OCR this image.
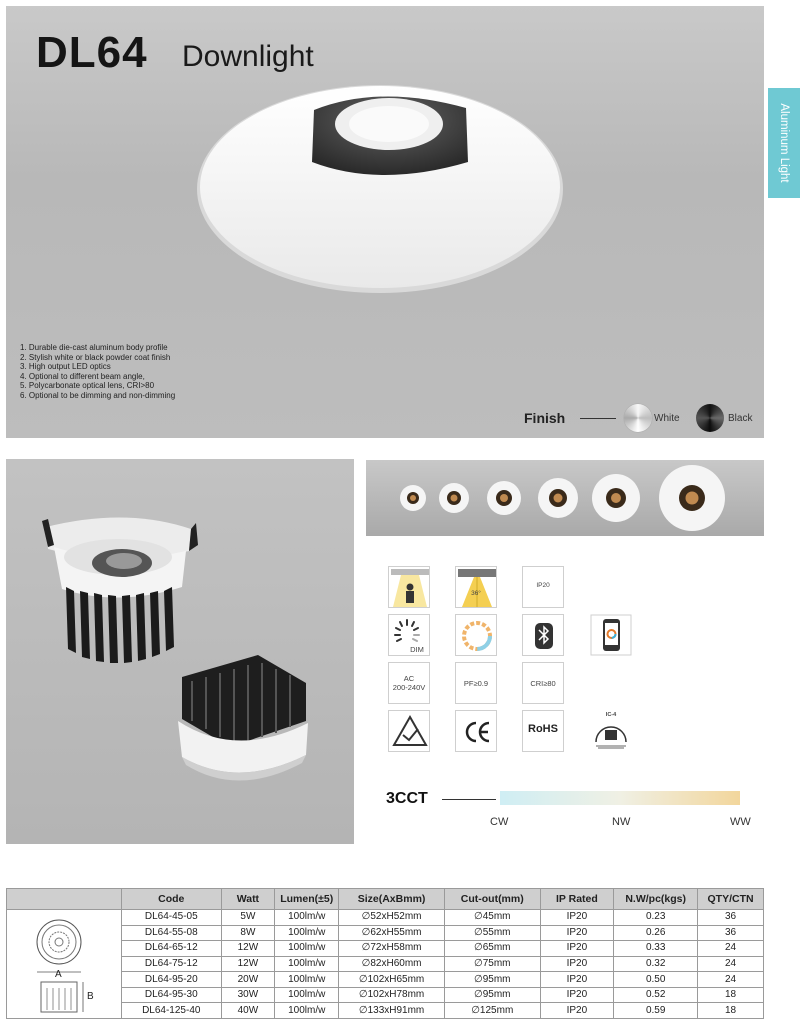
DL64 Downlight
1. Durable die-cast aluminum body profile
2. Stylish white or black powder coat finish
3. High output LED optics
4. Optional to different beam angle,
5. Polycarbonate optical lens, CRI>80
6. Optional to be dimming and non-dimming
Finish	White	Black
Aluminum Light
36°
IP20
DIM
AC
200-240V	PF≥0.9	CRI≥80
RoHS
IC-4
3CCT
CW	NW	WW
	Code	Watt	Lumen(±5)	Size(AxBmm)	Cut-out(mm)	IP Rated	N.W/pc(kgs)	QTY/CTN

A
B	DL64-45-05	5W	100lm/w	∅52xH52mm	∅45mm	IP20	0.23	36
	DL64-55-08	8W	100lm/w	∅62xH55mm	∅55mm	IP20	0.26	36
	DL64-65-12	12W	100lm/w	∅72xH58mm	∅65mm	IP20	0.33	24
	DL64-75-12	12W	100lm/w	∅82xH60mm	∅75mm	IP20	0.32	24
	DL64-95-20	20W	100lm/w	∅102xH65mm	∅95mm	IP20	0.50	24
	DL64-95-30	30W	100lm/w	∅102xH78mm	∅95mm	IP20	0.52	18
	DL64-125-40	40W	100lm/w	∅133xH91mm	∅125mm	IP20	0.59	18
